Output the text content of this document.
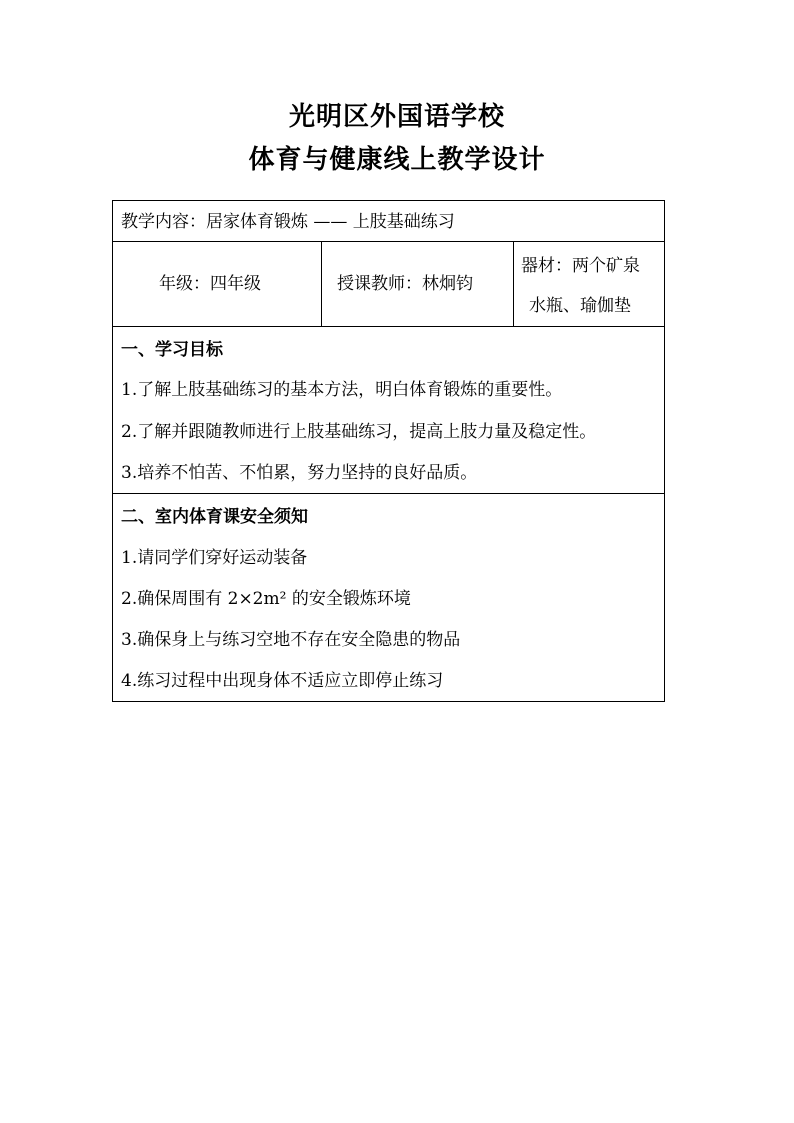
光明区外国语学校
体育与健康线上教学设计
教学内容：居家体育锻炼 —— 上肢基础练习
年级：四年级	授课教师：林炯钧
器材：两个矿泉
水瓶、瑜伽垫
一、学习目标
1.了解上肢基础练习的基本方法，明白体育锻炼的重要性。
2.了解并跟随教师进行上肢基础练习，提高上肢力量及稳定性。
3.培养不怕苦、不怕累，努力坚持的良好品质。
二、室内体育课安全须知
1.请同学们穿好运动装备
2.确保周围有 2×2m² 的安全锻炼环境
3.确保身上与练习空地不存在安全隐患的物品
4.练习过程中出现身体不适应立即停止练习
